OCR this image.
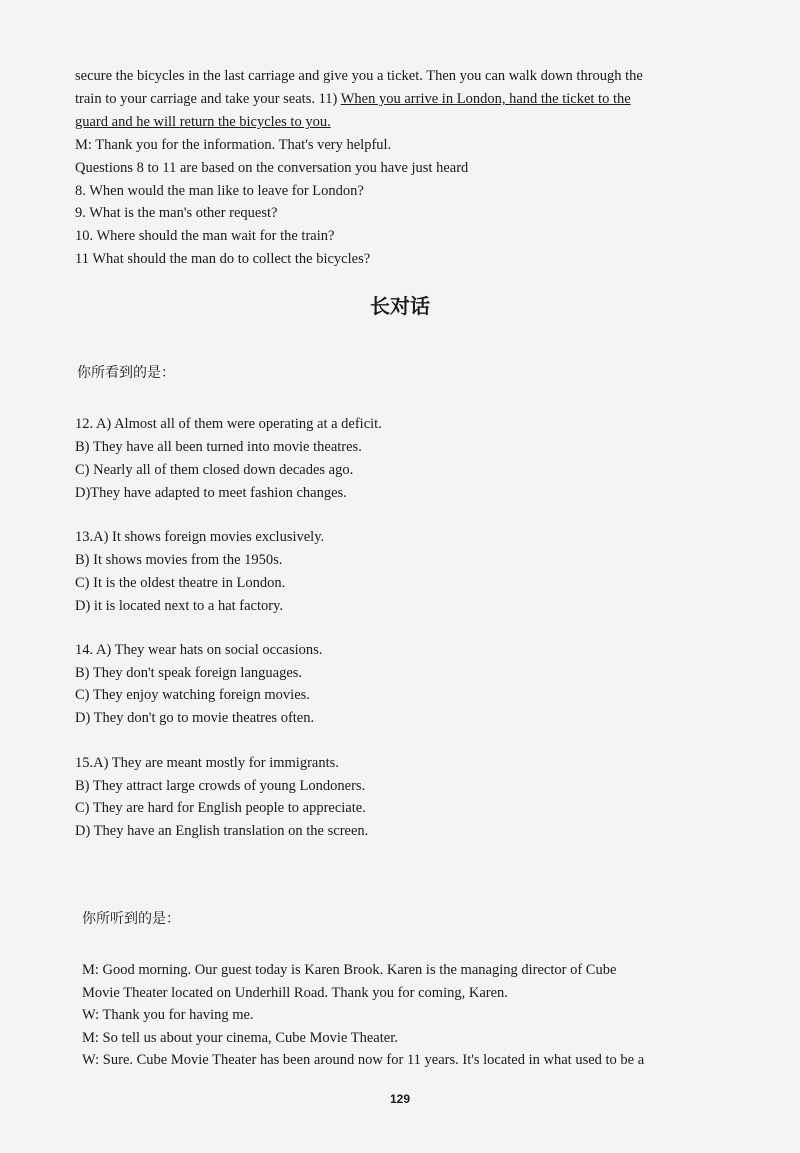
secure the bicycles in the last carriage and give you a ticket. Then you can walk down through the
train to your carriage and take your seats. 11) When you arrive in London, hand the ticket to the
guard and he will return the bicycles to you.
M: Thank you for the information. That's very helpful.
Questions 8 to 11 are based on the conversation you have just heard
8. When would the man like to leave for London?
9. What is the man's other request?
10. Where should the man wait for the train?
11 What should the man do to collect the bicycles?
长对话
你所看到的是：
12. A) Almost all of them were operating at a deficit.
B) They have all been turned into movie theatres.
C) Nearly all of them closed down decades ago.
D)They have adapted to meet fashion changes.
13.A) It shows foreign movies exclusively.
B) It shows movies from the 1950s.
C) It is the oldest theatre in London.
D) it is located next to a hat factory.
14. A) They wear hats on social occasions.
B) They don't speak foreign languages.
C) They enjoy watching foreign movies.
D) They don't go to movie theatres often.
15.A) They are meant mostly for immigrants.
B) They attract large crowds of young Londoners.
C) They are hard for English people to appreciate.
D) They have an English translation on the screen.
你所听到的是：
M: Good morning. Our guest today is Karen Brook. Karen is the managing director of Cube
Movie Theater located on Underhill Road. Thank you for coming, Karen.
W: Thank you for having me.
M: So tell us about your cinema, Cube Movie Theater.
W: Sure. Cube Movie Theater has been around now for 11 years. It's located in what used to be a
129
